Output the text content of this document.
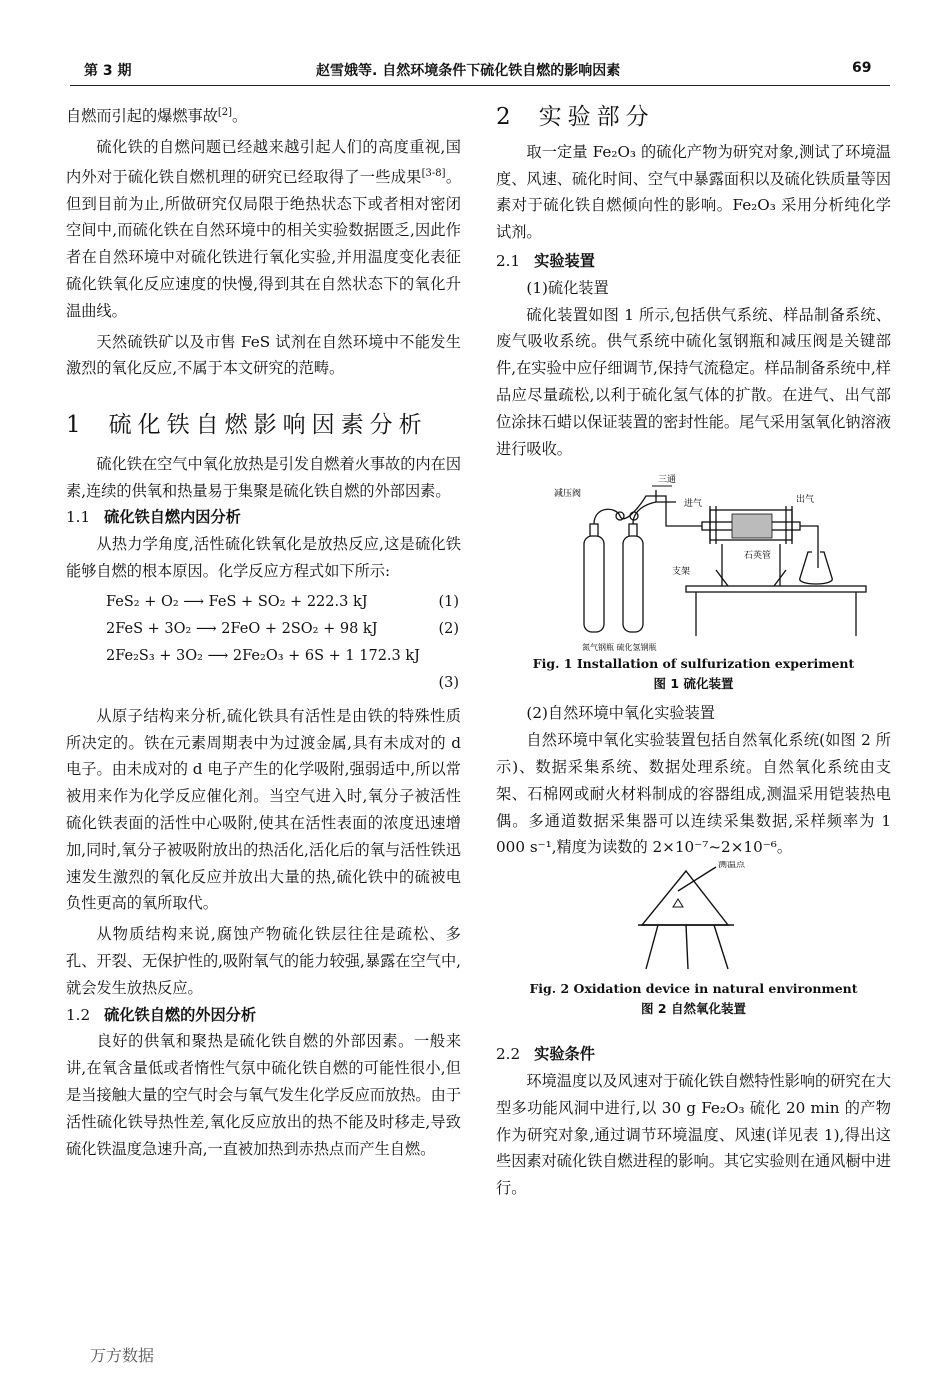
第 3 期	赵雪娥等. 自然环境条件下硫化铁自燃的影响因素	69

自燃而引起的爆燃事故[2]。

硫化铁的自燃问题已经越来越引起人们的高度重视,国内外对于硫化铁自燃机理的研究已经取得了一些成果[3-8]。但到目前为止,所做研究仅局限于绝热状态下或者相对密闭空间中,而硫化铁在自然环境中的相关实验数据匮乏,因此作者在自然环境中对硫化铁进行氧化实验,并用温度变化表征硫化铁氧化反应速度的快慢,得到其在自然状态下的氧化升温曲线。

天然硫铁矿以及市售 FeS 试剂在自然环境中不能发生激烈的氧化反应,不属于本文研究的范畴。

1 硫化铁自燃影响因素分析

硫化铁在空气中氧化放热是引发自燃着火事故的内在因素,连续的供氧和热量易于集聚是硫化铁自燃的外部因素。

1.1 硫化铁自燃内因分析

从热力学角度,活性硫化铁氧化是放热反应,这是硫化铁能够自燃的根本原因。化学反应方程式如下所示:

FeS₂ + O₂ ⟶ FeS + SO₂ + 222.3 kJ	(1)
2FeS + 3O₂ ⟶ 2FeO + 2SO₂ + 98 kJ	(2)
2Fe₂S₃ + 3O₂ ⟶ 2Fe₂O₃ + 6S + 1 172.3 kJ
(3)

从原子结构来分析,硫化铁具有活性是由铁的特殊性质所决定的。铁在元素周期表中为过渡金属,具有未成对的 d 电子。由未成对的 d 电子产生的化学吸附,强弱适中,所以常被用来作为化学反应催化剂。当空气进入时,氧分子被活性硫化铁表面的活性中心吸附,使其在活性表面的浓度迅速增加,同时,氧分子被吸附放出的热活化,活化后的氧与活性铁迅速发生激烈的氧化反应并放出大量的热,硫化铁中的硫被电负性更高的氧所取代。

从物质结构来说,腐蚀产物硫化铁层往往是疏松、多孔、开裂、无保护性的,吸附氧气的能力较强,暴露在空气中,就会发生放热反应。

1.2 硫化铁自燃的外因分析

良好的供氧和聚热是硫化铁自燃的外部因素。一般来讲,在氧含量低或者惰性气氛中硫化铁自燃的可能性很小,但是当接触大量的空气时会与氧气发生化学反应而放热。由于活性硫化铁导热性差,氧化反应放出的热不能及时移走,导致硫化铁温度急速升高,一直被加热到赤热点而产生自燃。

2 实验部分

取一定量 Fe₂O₃ 的硫化产物为研究对象,测试了环境温度、风速、硫化时间、空气中暴露面积以及硫化铁质量等因素对于硫化铁自燃倾向性的影响。Fe₂O₃ 采用分析纯化学试剂。

2.1 实验装置

(1)硫化装置

硫化装置如图 1 所示,包括供气系统、样品制备系统、废气吸收系统。供气系统中硫化氢钢瓶和减压阀是关键部件,在实验中应仔细调节,保持气流稳定。样品制备系统中,样品应尽量疏松,以利于硫化氢气体的扩散。在进气、出气部位涂抹石蜡以保证装置的密封性能。尾气采用氢氧化钠溶液进行吸收。

减压阀
三通
进气	出气
石英管
支架
氮气钢瓶 硫化氢钢瓶
Fig. 1 Installation of sulfurization experiment
图 1 硫化装置

(2)自然环境中氧化实验装置

自然环境中氧化实验装置包括自然氧化系统(如图 2 所示)、数据采集系统、数据处理系统。自然氧化系统由支架、石棉网或耐火材料制成的容器组成,测温采用铠装热电偶。多通道数据采集器可以连续采集数据,采样频率为 1 000 s⁻¹,精度为读数的 2×10⁻⁷~2×10⁻⁶。

测温点
Fig. 2 Oxidation device in natural environment
图 2 自然氧化装置
2.2 实验条件

环境温度以及风速对于硫化铁自燃特性影响的研究在大型多功能风洞中进行,以 30 g Fe₂O₃ 硫化 20 min 的产物作为研究对象,通过调节环境温度、风速(详见表 1),得出这些因素对硫化铁自燃进程的影响。其它实验则在通风橱中进行。

万方数据
